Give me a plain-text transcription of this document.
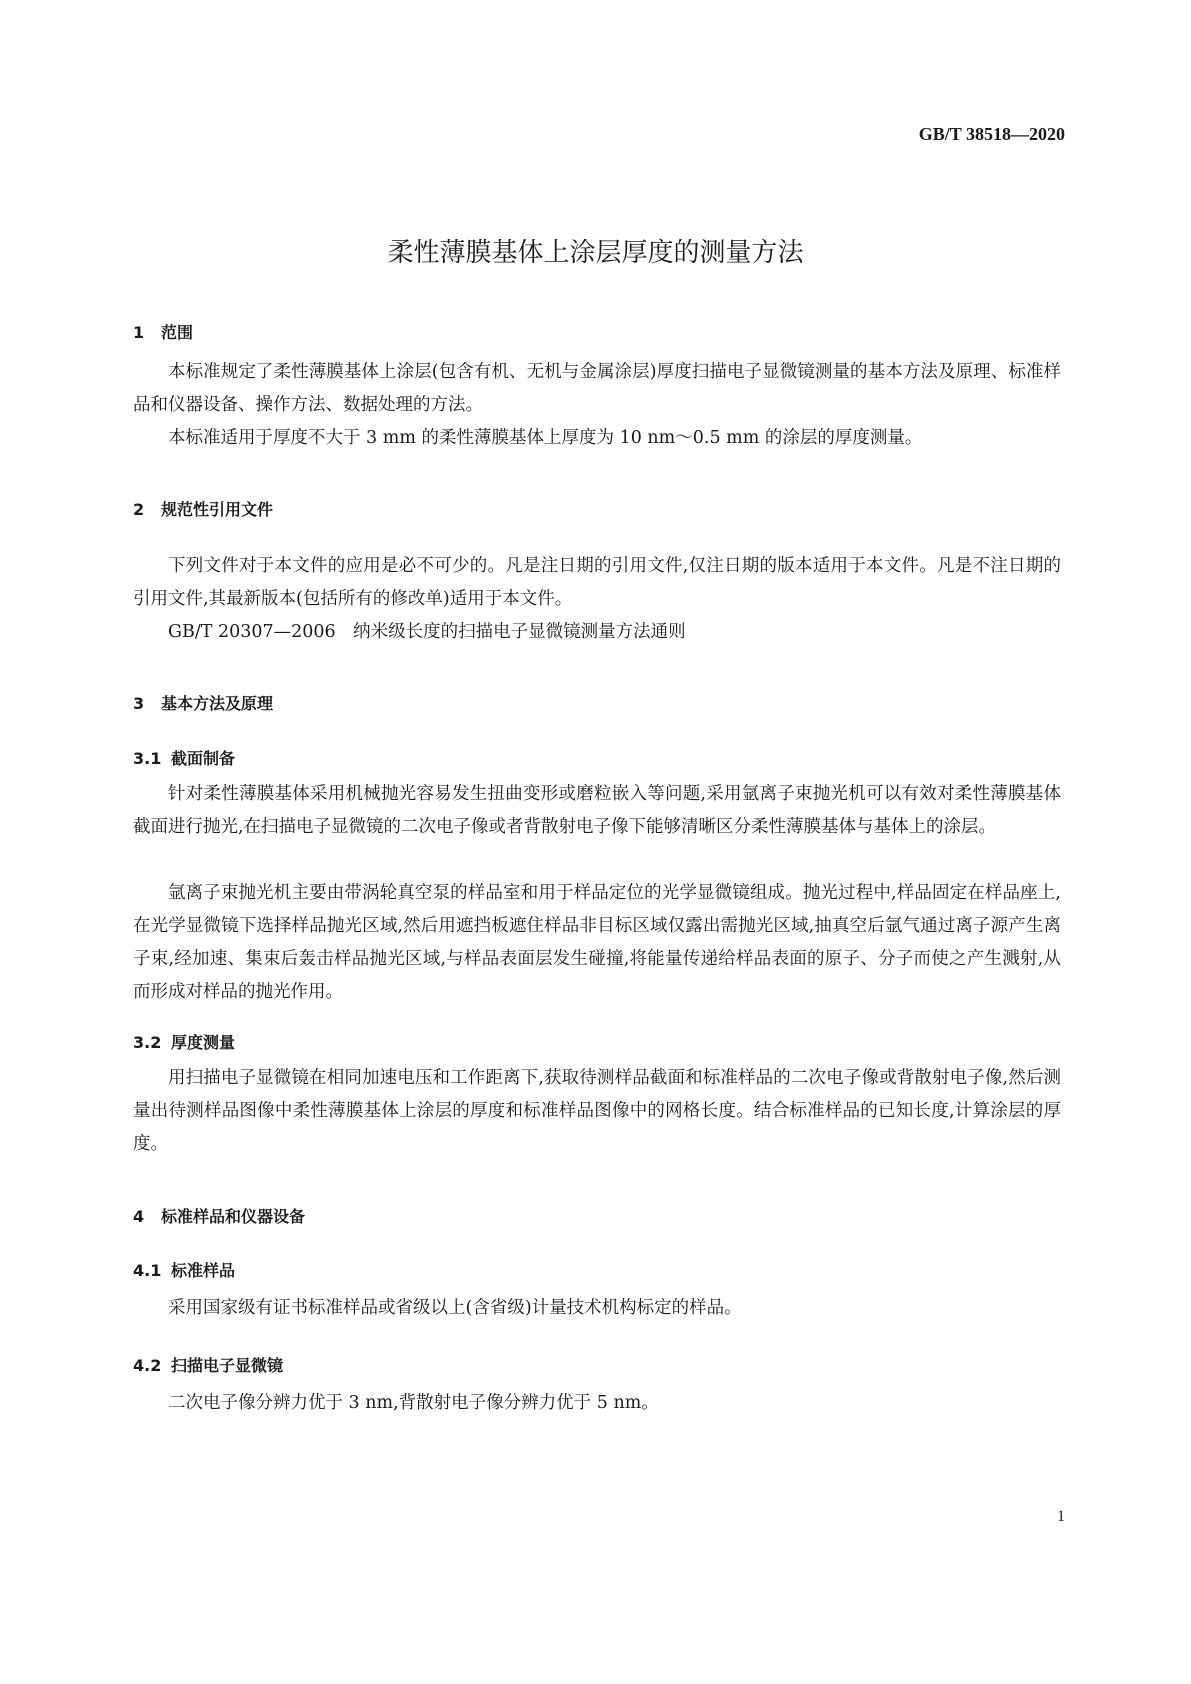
GB/T 38518—2020
柔性薄膜基体上涂层厚度的测量方法
1 范围

本标准规定了柔性薄膜基体上涂层(包含有机、无机与金属涂层)厚度扫描电子显微镜测量的基本方法及原理、标准样品和仪器设备、操作方法、数据处理的方法。

本标准适用于厚度不大于 3 mm 的柔性薄膜基体上厚度为 10 nm～0.5 mm 的涂层的厚度测量。

2 规范性引用文件

下列文件对于本文件的应用是必不可少的。凡是注日期的引用文件,仅注日期的版本适用于本文件。凡是不注日期的引用文件,其最新版本(包括所有的修改单)适用于本文件。

GB/T 20307—2006　纳米级长度的扫描电子显微镜测量方法通则

3 基本方法及原理
3.1 截面制备

针对柔性薄膜基体采用机械抛光容易发生扭曲变形或磨粒嵌入等问题,采用氩离子束抛光机可以有效对柔性薄膜基体截面进行抛光,在扫描电子显微镜的二次电子像或者背散射电子像下能够清晰区分柔性薄膜基体与基体上的涂层。

氩离子束抛光机主要由带涡轮真空泵的样品室和用于样品定位的光学显微镜组成。抛光过程中,样品固定在样品座上,在光学显微镜下选择样品抛光区域,然后用遮挡板遮住样品非目标区域仅露出需抛光区域,抽真空后氩气通过离子源产生离子束,经加速、集束后轰击样品抛光区域,与样品表面层发生碰撞,将能量传递给样品表面的原子、分子而使之产生溅射,从而形成对样品的抛光作用。

3.2 厚度测量

用扫描电子显微镜在相同加速电压和工作距离下,获取待测样品截面和标准样品的二次电子像或背散射电子像,然后测量出待测样品图像中柔性薄膜基体上涂层的厚度和标准样品图像中的网格长度。结合标准样品的已知长度,计算涂层的厚度。

4 标准样品和仪器设备
4.1 标准样品

采用国家级有证书标准样品或省级以上(含省级)计量技术机构标定的样品。

4.2 扫描电子显微镜

二次电子像分辨力优于 3 nm,背散射电子像分辨力优于 5 nm。

1
